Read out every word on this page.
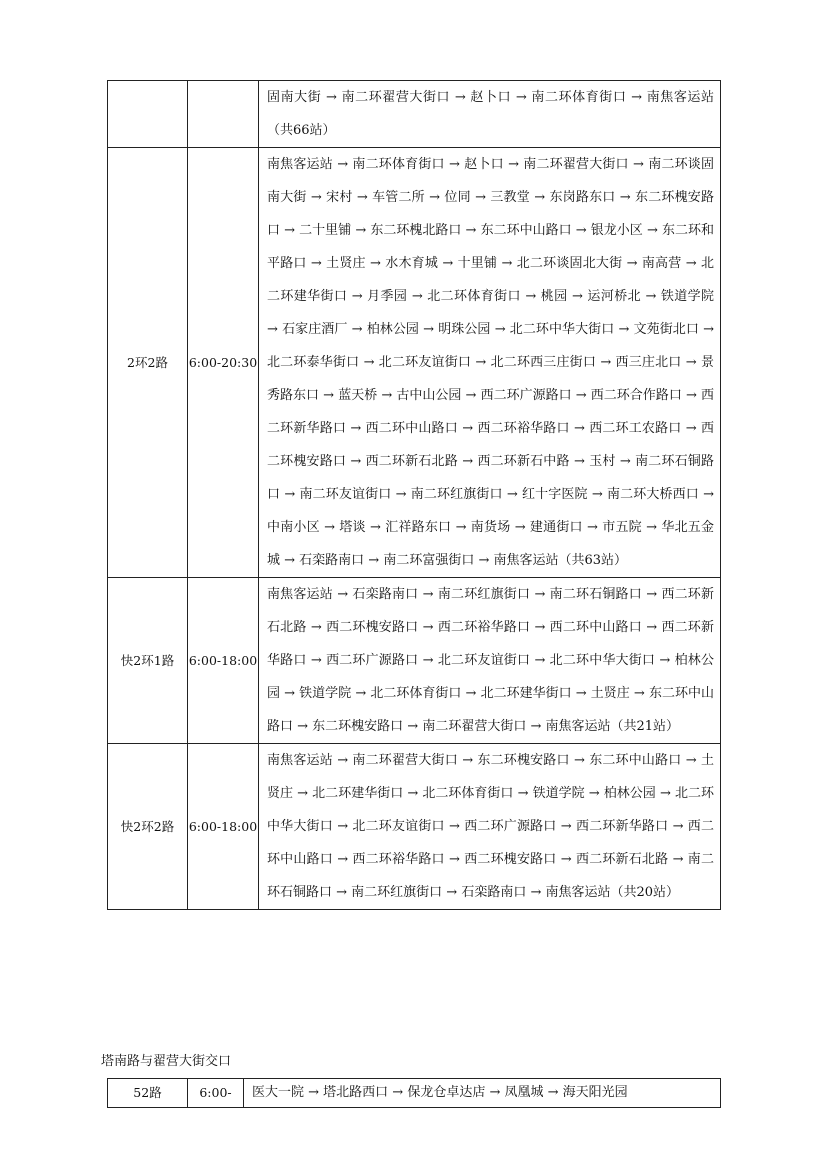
		固南大街 → 南二环翟营大街口 → 赵卜口 → 南二环体育街口 → 南焦客运站（共66站）
2环2路	6:00-20:30	南焦客运站 → 南二环体育街口 → 赵卜口 → 南二环翟营大街口 → 南二环谈固南大街 → 宋村 → 车管二所 → 位同 → 三教堂 → 东岗路东口 → 东二环槐安路口 → 二十里铺 → 东二环槐北路口 → 东二环中山路口 → 银龙小区 → 东二环和平路口 → 土贤庄 → 水木育城 → 十里铺 → 北二环谈固北大街 → 南高营 → 北二环建华街口 → 月季园 → 北二环体育街口 → 桃园 → 运河桥北 → 铁道学院 → 石家庄酒厂 → 柏林公园 → 明珠公园 → 北二环中华大街口 → 文苑街北口 → 北二环泰华街口 → 北二环友谊街口 → 北二环西三庄街口 → 西三庄北口 → 景秀路东口 → 蓝天桥 → 古中山公园 → 西二环广源路口 → 西二环合作路口 → 西二环新华路口 → 西二环中山路口 → 西二环裕华路口 → 西二环工农路口 → 西二环槐安路口 → 西二环新石北路 → 西二环新石中路 → 玉村 → 南二环石铜路口 → 南二环友谊街口 → 南二环红旗街口 → 红十字医院 → 南二环大桥西口 → 中南小区 → 塔谈 → 汇祥路东口 → 南货场 → 建通街口 → 市五院 → 华北五金城 → 石栾路南口 → 南二环富强街口 → 南焦客运站（共63站）
快2环1路	6:00-18:00	南焦客运站 → 石栾路南口 → 南二环红旗街口 → 南二环石铜路口 → 西二环新石北路 → 西二环槐安路口 → 西二环裕华路口 → 西二环中山路口 → 西二环新华路口 → 西二环广源路口 → 北二环友谊街口 → 北二环中华大街口 → 柏林公园 → 铁道学院 → 北二环体育街口 → 北二环建华街口 → 土贤庄 → 东二环中山路口 → 东二环槐安路口 → 南二环翟营大街口 → 南焦客运站（共21站）
快2环2路	6:00-18:00	南焦客运站 → 南二环翟营大街口 → 东二环槐安路口 → 东二环中山路口 → 土贤庄 → 北二环建华街口 → 北二环体育街口 → 铁道学院 → 柏林公园 → 北二环中华大街口 → 北二环友谊街口 → 西二环广源路口 → 西二环新华路口 → 西二环中山路口 → 西二环裕华路口 → 西二环槐安路口 → 西二环新石北路 → 南二环石铜路口 → 南二环红旗街口 → 石栾路南口 → 南焦客运站（共20站）
塔南路与翟营大街交口
52路	6:00-	医大一院 → 塔北路西口 → 保龙仓卓达店 → 凤凰城 → 海天阳光园
